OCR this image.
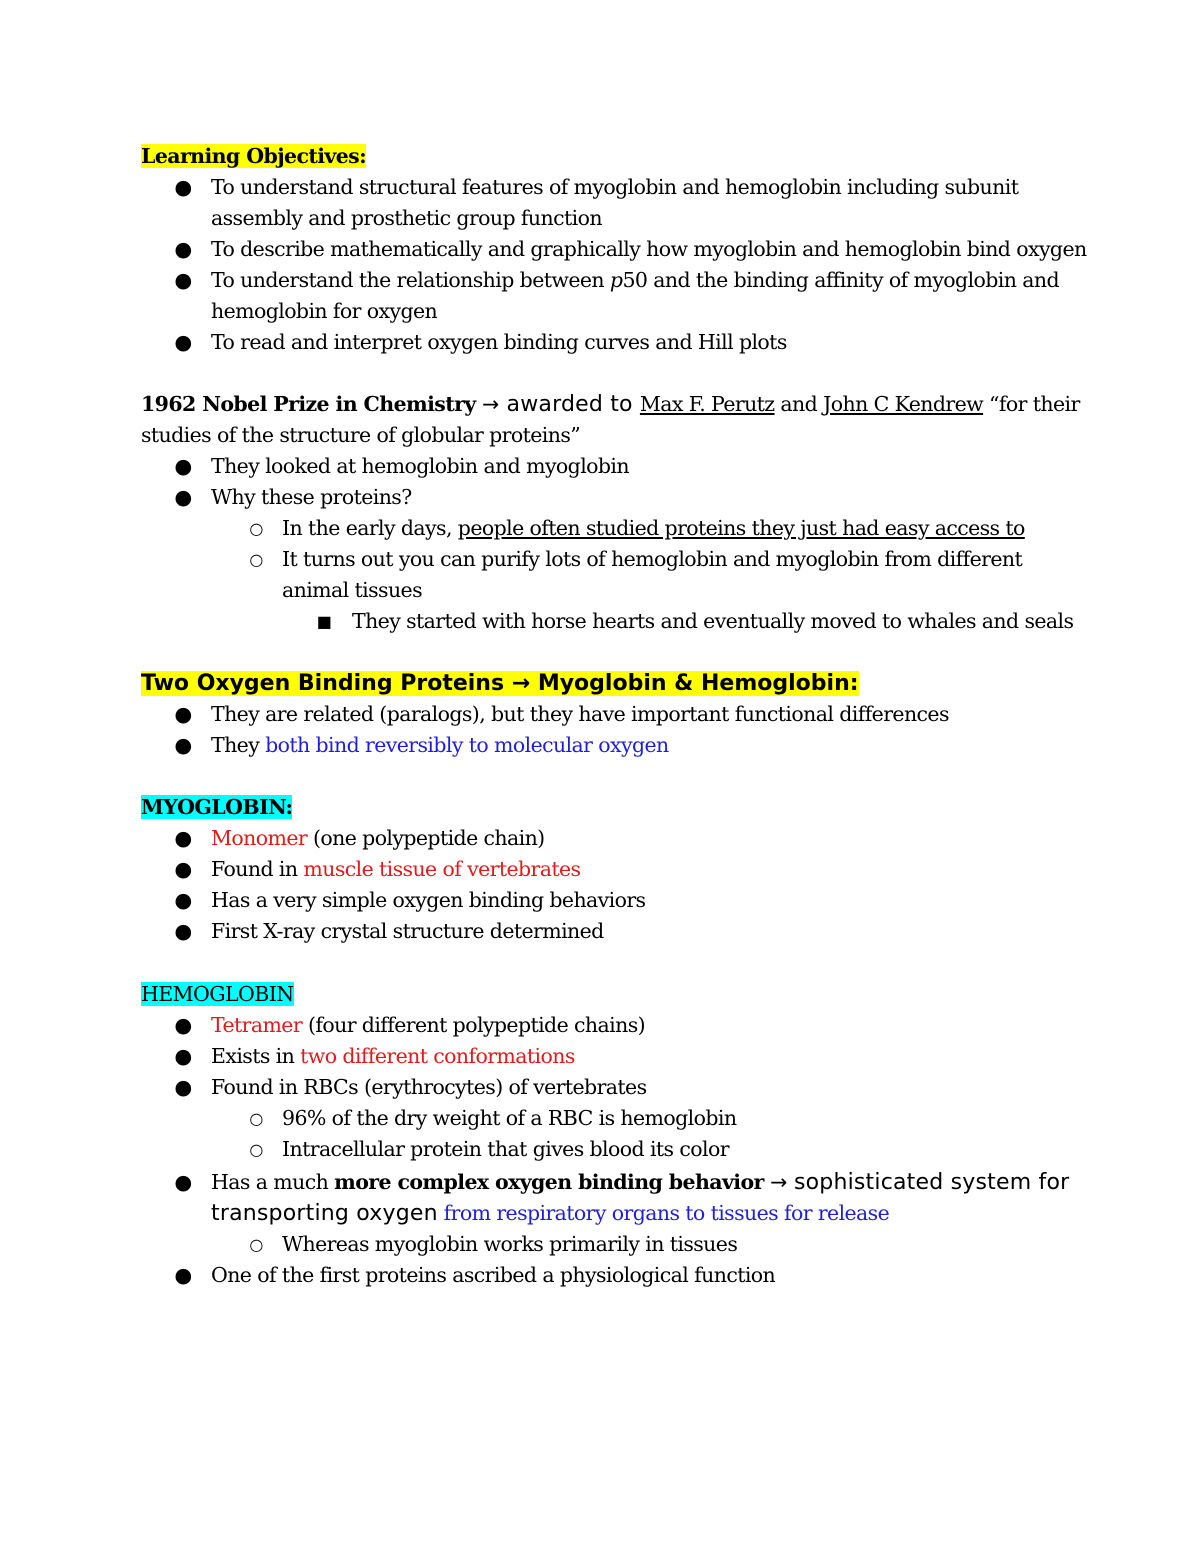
Learning Objectives:
● To understand structural features of myoglobin and hemoglobin including subunit
assembly and prosthetic group function
● To describe mathematically and graphically how myoglobin and hemoglobin bind oxygen
● To understand the relationship between p50 and the binding affinity of myoglobin and
hemoglobin for oxygen
● To read and interpret oxygen binding curves and Hill plots
1962 Nobel Prize in Chemistry → awarded to Max F. Perutz and John C Kendrew “for their
studies of the structure of globular proteins”
● They looked at hemoglobin and myoglobin
● Why these proteins?
○ In the early days, people often studied proteins they just had easy access to
○ It turns out you can purify lots of hemoglobin and myoglobin from different
animal tissues
■ They started with horse hearts and eventually moved to whales and seals
Two Oxygen Binding Proteins → Myoglobin & Hemoglobin:
● They are related (paralogs), but they have important functional differences
● They both bind reversibly to molecular oxygen
MYOGLOBIN:
● Monomer (one polypeptide chain)
● Found in muscle tissue of vertebrates
● Has a very simple oxygen binding behaviors
● First X-ray crystal structure determined
HEMOGLOBIN
● Tetramer (four different polypeptide chains)
● Exists in two different conformations
● Found in RBCs (erythrocytes) of vertebrates
○ 96% of the dry weight of a RBC is hemoglobin
○ Intracellular protein that gives blood its color
● Has a much more complex oxygen binding behavior → sophisticated system for
transporting oxygen from respiratory organs to tissues for release
○ Whereas myoglobin works primarily in tissues
● One of the first proteins ascribed a physiological function
